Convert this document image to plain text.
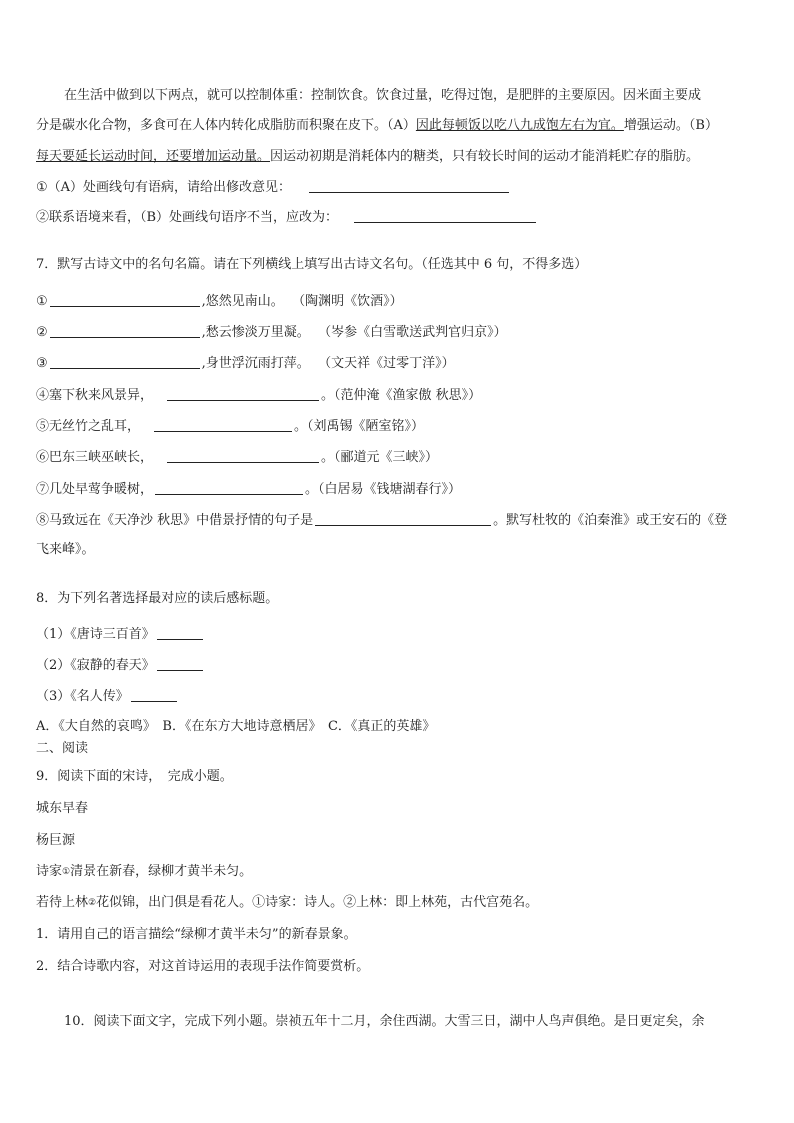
在生活中做到以下两点，就可以控制体重：控制饮食。饮食过量，吃得过饱，是肥胖的主要原因。因米面主要成
分是碳水化合物，多食可在人体内转化成脂肪而积聚在皮下。（A）因此每顿饭以吃八九成饱左右为宜。增强运动。（B）
每天要延长运动时间，还要增加运动量。因运动初期是消耗体内的糖类，只有较长时间的运动才能消耗贮存的脂肪。
①（A）处画线句有语病，请给出修改意见：
②联系语境来看，（B）处画线句语序不当，应改为：
7．默写古诗文中的名句名篇。请在下列横线上填写出古诗文名句。（任选其中 6 句，不得多选）
①	,悠然见南山。 （陶渊明《饮酒》）
②	,愁云惨淡万里凝。 （岑参《白雪歌送武判官归京》）
③	,身世浮沉雨打萍。 （文天祥《过零丁洋》）
④塞下秋来风景异，	。（范仲淹《渔家傲 秋思》）
⑤无丝竹之乱耳，	。（刘禹锡《陋室铭》）
⑥巴东三峡巫峡长，	。（郦道元《三峡》）
⑦几处早莺争暖树，	。（白居易《钱塘湖春行》）
⑧马致远在《天净沙 秋思》中借景抒情的句子是	。默写杜牧的《泊秦淮》或王安石的《登
飞来峰》。
8．为下列名著选择最对应的读后感标题。
（1）《唐诗三百首》
（2）《寂静的春天》
（3）《名人传》
A．《大自然的哀鸣》　B．《在东方大地诗意栖居》　C．《真正的英雄》
二、阅读
9．阅读下面的宋诗，　完成小题。
城东早春
杨巨源
诗家①清景在新春，绿柳才黄半未匀。
若待上林②花似锦，出门俱是看花人。①诗家：诗人。②上林：即上林苑，古代宫苑名。
1．请用自己的语言描绘“绿柳才黄半未匀”的新春景象。
2．结合诗歌内容，对这首诗运用的表现手法作简要赏析。
10．阅读下面文字，完成下列小题。崇祯五年十二月，余住西湖。大雪三日，湖中人鸟声俱绝。是日更定矣，余
